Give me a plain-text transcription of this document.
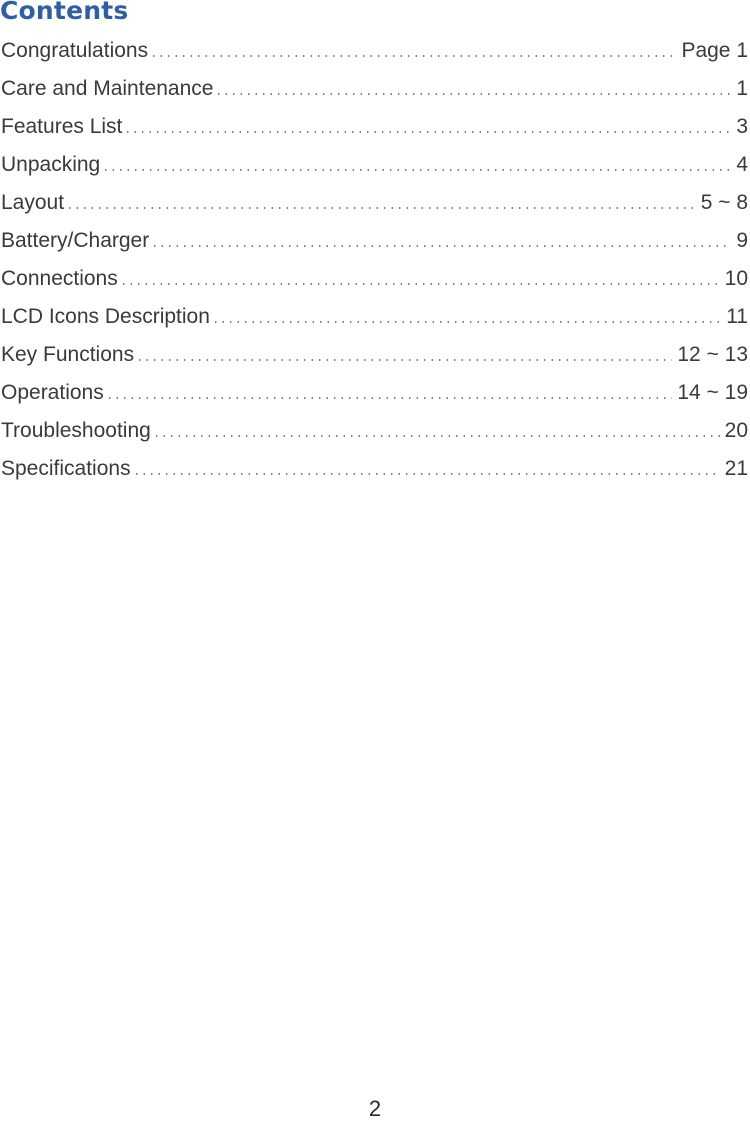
Contents
Congratulations	Page 1
Care and Maintenance	1
Features List	3
Unpacking	4
Layout	5 ~ 8
Battery/Charger	9
Connections	10
LCD Icons Description	11
Key Functions	12 ~ 13
Operations	14 ~ 19
Troubleshooting	20
Specifications	21
2
